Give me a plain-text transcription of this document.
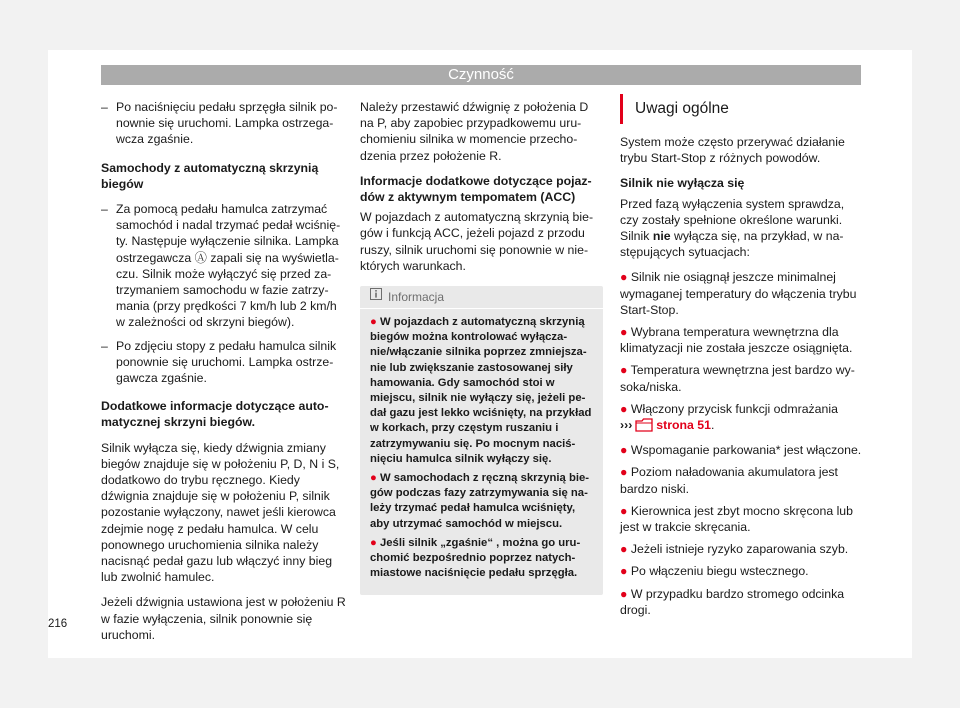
Czynność

– Po naciśnięciu pedału sprzęgła silnik ponownie się uruchomi. Lampka ostrzegawcza zgaśnie.

Samochody z automatyczną skrzynią biegów

– Za pomocą pedału hamulca zatrzymać samochód i nadal trzymać pedał wciśnięty. Następuje wyłączenie silnika. Lampka ostrzegawcza Ⓐ zapali się na wyświetlaczu. Silnik może wyłączyć się przed zatrzymaniem samochodu w fazie zatrzymania (przy prędkości 7 km/h lub 2 km/h w zależności od skrzyni biegów).

– Po zdjęciu stopy z pedału hamulca silnik ponownie się uruchomi. Lampka ostrzegawcza zgaśnie.

Dodatkowe informacje dotyczące automatycznej skrzyni biegów.

Silnik wyłącza się, kiedy dźwignia zmiany biegów znajduje się w położeniu P, D, N i S, dodatkowo do trybu ręcznego. Kiedy dźwignia znajduje się w położeniu P, silnik pozostanie wyłączony, nawet jeśli kierowca zdejmie nogę z pedału hamulca. W celu ponownego uruchomienia silnika należy nacisnąć pedał gazu lub włączyć inny bieg lub zwolnić hamulec.

Jeżeli dźwignia ustawiona jest w położeniu R w fazie wyłączenia, silnik ponownie się uruchomi.

Należy przestawić dźwignię z położenia D na P, aby zapobiec przypadkowemu uruchomieniu silnika w momencie przechodzenia przez położenie R.

Informacje dodatkowe dotyczące pojazdów z aktywnym tempomatem (ACC)

W pojazdach z automatyczną skrzynią biegów i funkcją ACC, jeżeli pojazd z przodu ruszy, silnik uruchomi się ponownie w niektórych warunkach.

Informacja

● W pojazdach z automatyczną skrzynią biegów można kontrolować wyłączanie/włączanie silnika poprzez zmniejszanie lub zwiększanie zastosowanej siły hamowania. Gdy samochód stoi w miejscu, silnik nie wyłączy się, jeżeli pedał gazu jest lekko wciśnięty, na przykład w korkach, przy częstym ruszaniu i zatrzymywaniu się. Po mocnym naciśnięciu hamulca silnik wyłączy się.

● W samochodach z ręczną skrzynią biegów podczas fazy zatrzymywania się należy trzymać pedał hamulca wciśnięty, aby utrzymać samochód w miejscu.

● Jeśli silnik „zgaśnie“ , można go uruchomić bezpośrednio poprzez natychmiastowe naciśnięcie pedału sprzęgła.

Uwagi ogólne

System może często przerywać działanie trybu Start-Stop z różnych powodów.

Silnik nie wyłącza się

Przed fazą wyłączenia system sprawdza, czy zostały spełnione określone warunki. Silnik nie wyłącza się, na przykład, w następujących sytuacjach:

● Silnik nie osiągnął jeszcze minimalnej wymaganej temperatury do włączenia trybu Start-Stop.

● Wybrana temperatura wewnętrzna dla klimatyzacji nie została jeszcze osiągnięta.

● Temperatura wewnętrzna jest bardzo wysoka/niska.

● Włączony przycisk funkcji odmrażania
››› strona 51.

● Wspomaganie parkowania* jest włączone.

● Poziom naładowania akumulatora jest bardzo niski.

● Kierownica jest zbyt mocno skręcona lub jest w trakcie skręcania.

● Jeżeli istnieje ryzyko zaparowania szyb.

● Po włączeniu biegu wstecznego.

● W przypadku bardzo stromego odcinka drogi.

216
